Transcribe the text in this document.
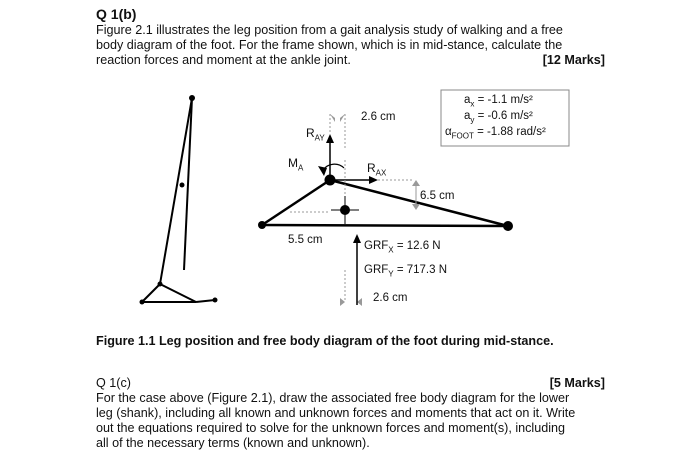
Q 1(b)
Figure 2.1 illustrates the leg position from a gait analysis study of walking and a free
body diagram of the foot. For the frame shown, which is in mid-stance, calculate the
reaction forces and moment at the ankle joint.	[12 Marks]
2.6 cm
6.5 cm
5.5 cm
2.6 cm
$R_{AY}$
$R_{AX}$
$M_A$
$a_x = -1.1$ m/s²
$a_y = -0.6$ m/s²
$\alpha_{FOOT} = -1.88$ rad/s²
$GRF_X = 12.6$ N
$GRF_Y = 717.3$ N
Figure 1.1 Leg position and free body diagram of the foot during mid-stance.
Q 1(c)	[5 Marks]
For the case above (Figure 2.1), draw the associated free body diagram for the lower
leg (shank), including all known and unknown forces and moments that act on it. Write
out the equations required to solve for the unknown forces and moment(s), including
all of the necessary terms (known and unknown).
